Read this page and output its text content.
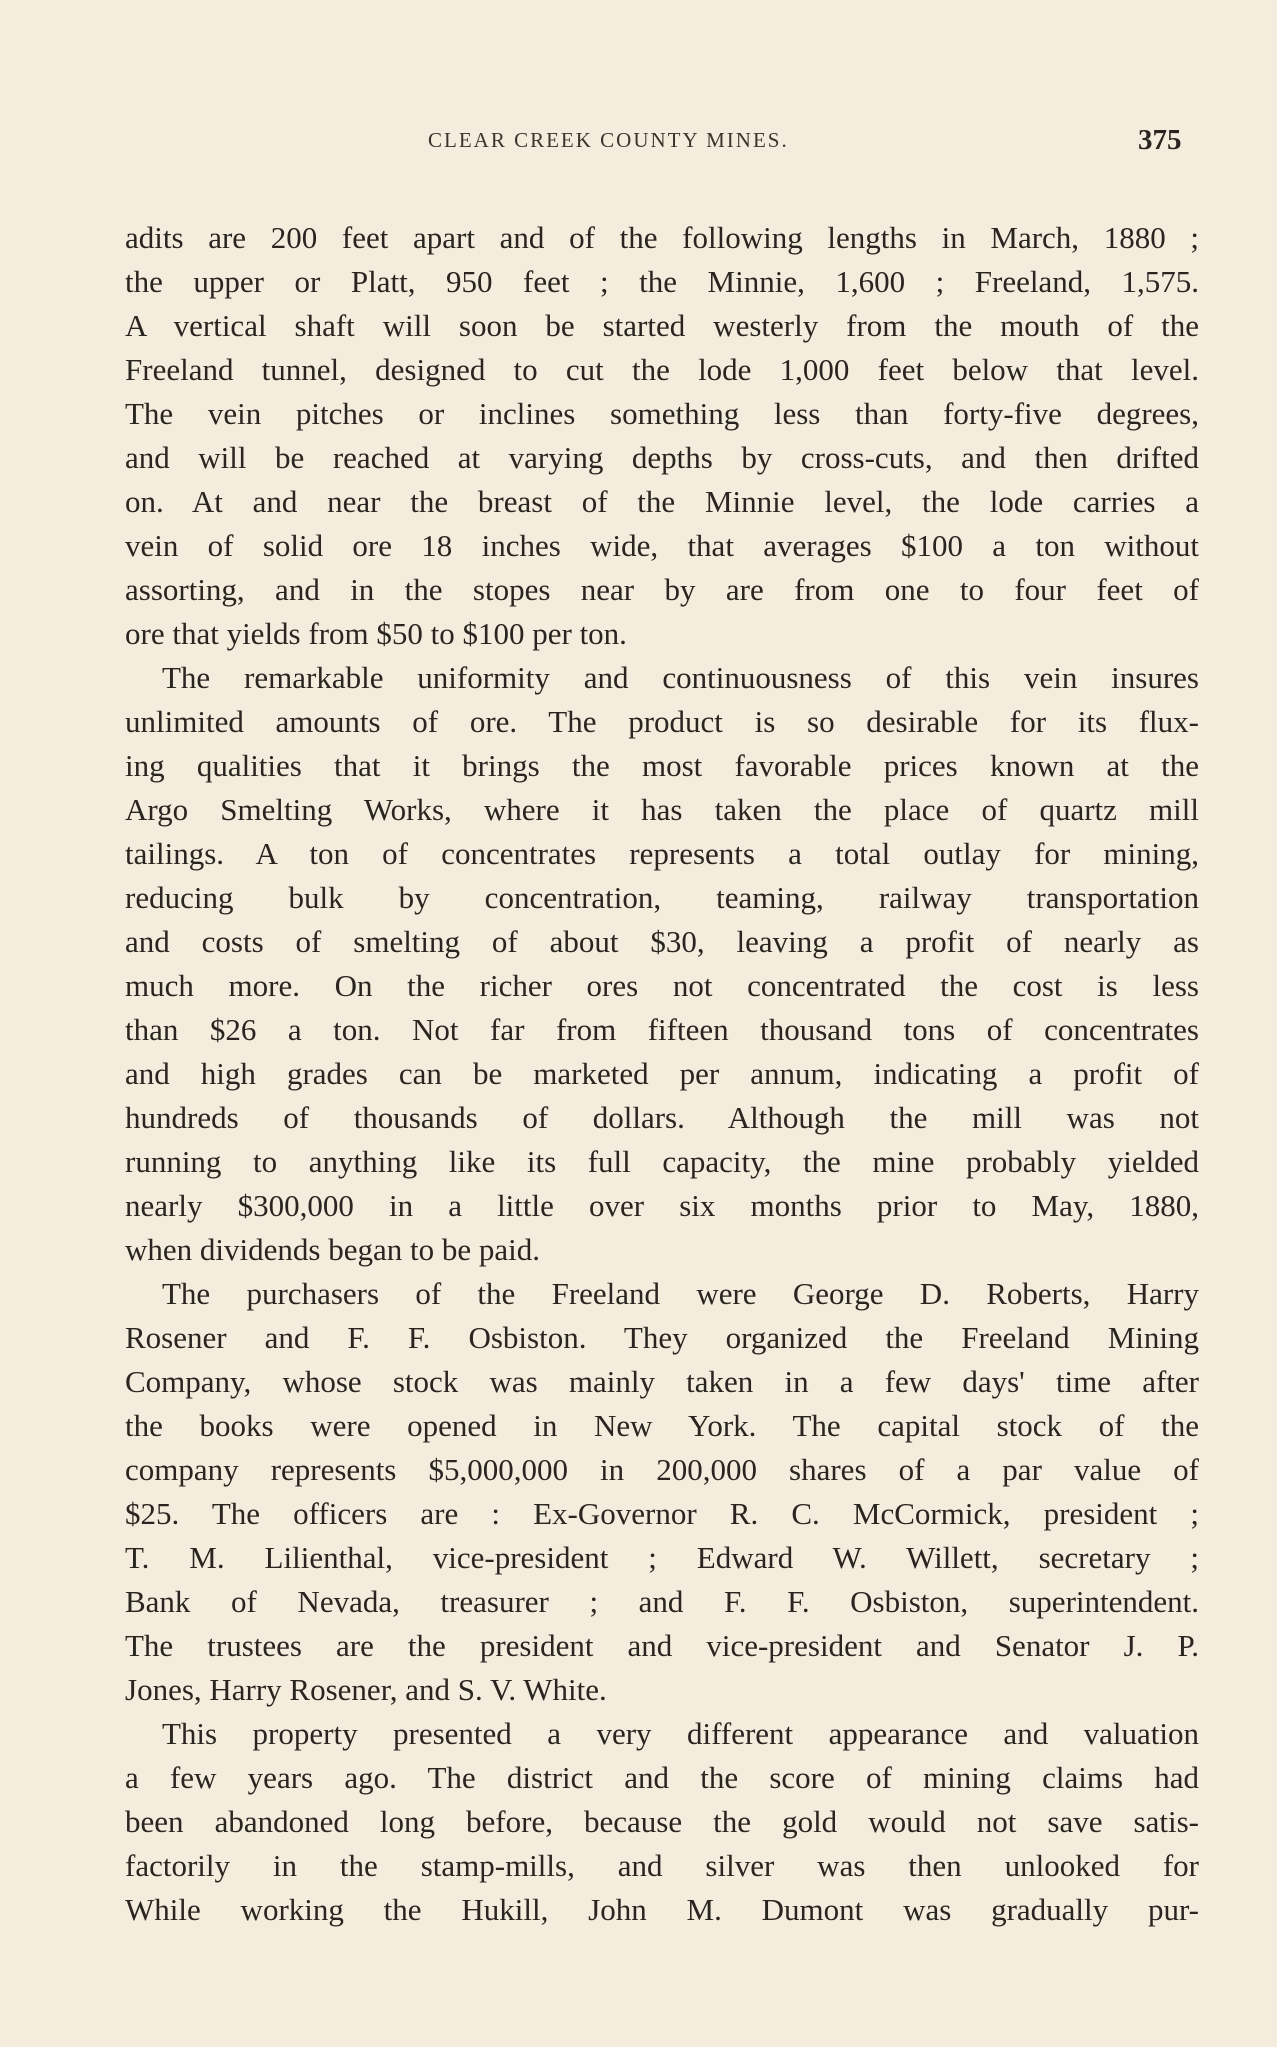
CLEAR CREEK COUNTY MINES.	375
adits are 200 feet apart and of the following lengths in March, 1880 ;
the upper or Platt, 950 feet ; the Minnie, 1,600 ; Freeland, 1,575.
A vertical shaft will soon be started westerly from the mouth of the
Freeland tunnel, designed to cut the lode 1,000 feet below that level.
The vein pitches or inclines something less than forty-five degrees,
and will be reached at varying depths by cross-cuts, and then drifted
on. At and near the breast of the Minnie level, the lode carries a
vein of solid ore 18 inches wide, that averages $100 a ton without
assorting, and in the stopes near by are from one to four feet of
ore that yields from $50 to $100 per ton.
The remarkable uniformity and continuousness of this vein insures
unlimited amounts of ore. The product is so desirable for its flux-
ing qualities that it brings the most favorable prices known at the
Argo Smelting Works, where it has taken the place of quartz mill
tailings. A ton of concentrates represents a total outlay for mining,
reducing bulk by concentration, teaming, railway transportation
and costs of smelting of about $30, leaving a profit of nearly as
much more. On the richer ores not concentrated the cost is less
than $26 a ton. Not far from fifteen thousand tons of concentrates
and high grades can be marketed per annum, indicating a profit of
hundreds of thousands of dollars. Although the mill was not
running to anything like its full capacity, the mine probably yielded
nearly $300,000 in a little over six months prior to May, 1880,
when dividends began to be paid.
The purchasers of the Freeland were George D. Roberts, Harry
Rosener and F. F. Osbiston. They organized the Freeland Mining
Company, whose stock was mainly taken in a few days' time after
the books were opened in New York. The capital stock of the
company represents $5,000,000 in 200,000 shares of a par value of
$25. The officers are : Ex-Governor R. C. McCormick, president ;
T. M. Lilienthal, vice-president ; Edward W. Willett, secretary ;
Bank of Nevada, treasurer ; and F. F. Osbiston, superintendent.
The trustees are the president and vice-president and Senator J. P.
Jones, Harry Rosener, and S. V. White.
This property presented a very different appearance and valuation
a few years ago. The district and the score of mining claims had
been abandoned long before, because the gold would not save satis-
factorily in the stamp-mills, and silver was then unlooked for
While working the Hukill, John M. Dumont was gradually pur-
